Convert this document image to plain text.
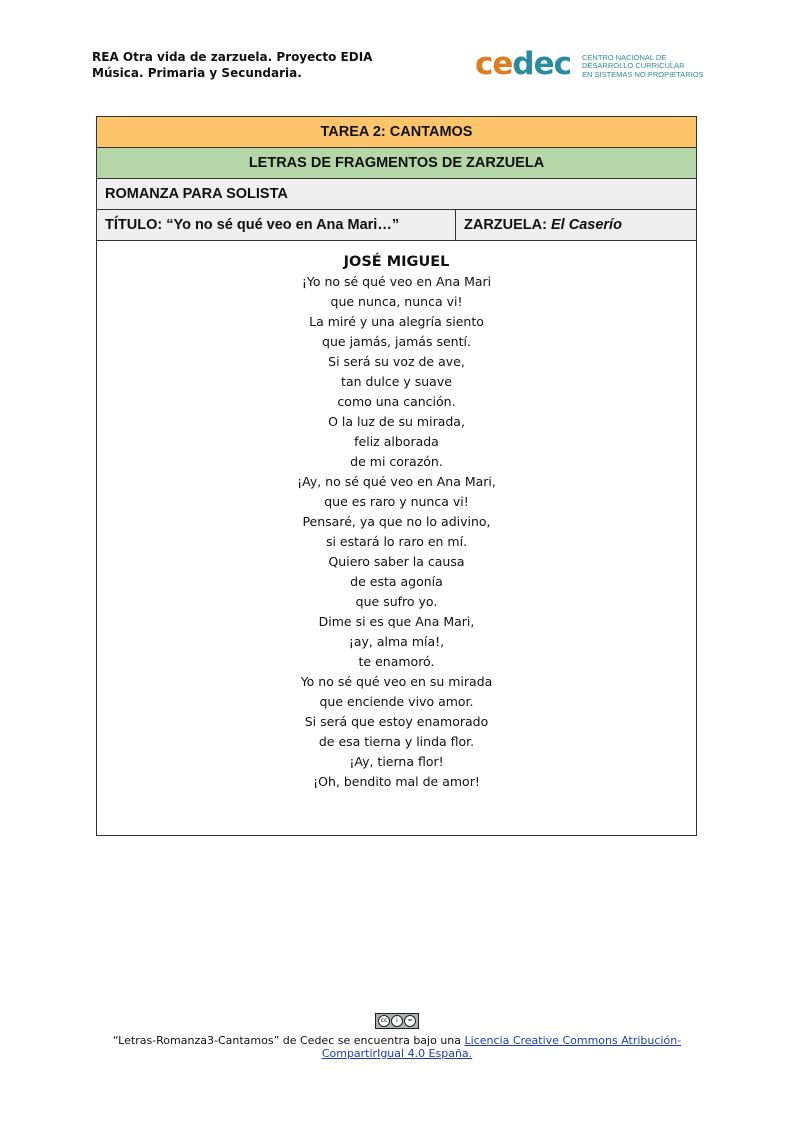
REA Otra vida de zarzuela. Proyecto EDIA
Música. Primaria y Secundaria.	cedec CENTRO NACIONAL DE
DESARROLLO CURRICULAR
EN SISTEMAS NO PROPIETARIOS
TAREA 2: CANTAMOS
LETRAS DE FRAGMENTOS DE ZARZUELA
ROMANZA PARA SOLISTA
TÍTULO: “Yo no sé qué veo en Ana Mari…”	ZARZUELA: El Caserío

JOSÉ MIGUEL
¡Yo no sé qué veo en Ana Mari
que nunca, nunca vi!
La miré y una alegría siento
que jamás, jamás sentí.
Si será su voz de ave,
tan dulce y suave
como una canción.
O la luz de su mirada,
feliz alborada
de mi corazón.
¡Ay, no sé qué veo en Ana Mari,
que es raro y nunca vi!
Pensaré, ya que no lo adivino,
si estará lo raro en mí.
Quiero saber la causa
de esta agonía
que sufro yo.
Dime si es que Ana Mari,
¡ay, alma mía!,
te enamoró.
Yo no sé qué veo en su mirada
que enciende vivo amor.
Si será que estoy enamorado
de esa tierna y linda flor.
¡Ay, tierna flor!
¡Oh, bendito mal de amor!
cc	i	=
“Letras-Romanza3-Cantamos” de Cedec se encuentra bajo una Licencia Creative Commons Atribución-
CompartirIgual 4.0 España.
